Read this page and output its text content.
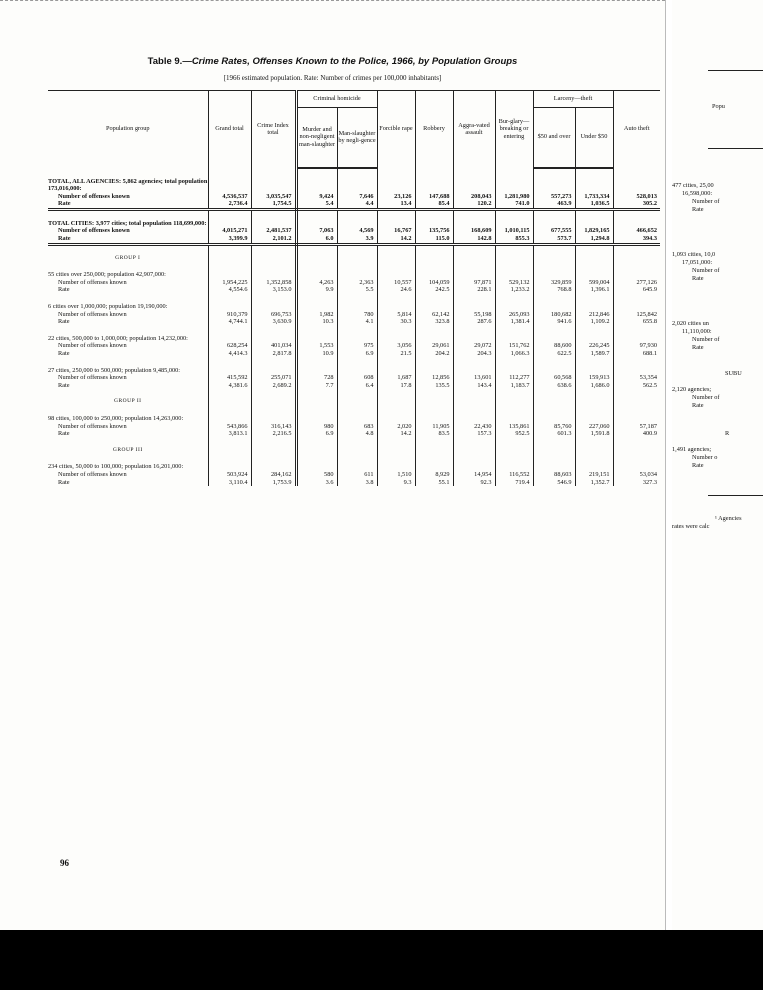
Table 9.—Crime Rates, Offenses Known to the Police, 1966, by Population Groups
[1966 estimated population. Rate: Number of crimes per 100,000 inhabitants]
Population group	Grand total	Crime Index total	Criminal homicide		Forcible rape	Robbery	Aggra-vated assault	Bur-glary—breaking or entering	Larceny—theft		Auto theft
			Murder and non-negligent man-slaughter	Man-slaughter by negli-gence					$50 and over	Under $50	

TOTAL, ALL AGENCIES: 5,862 agencies; total population 173,016,000:											
Number of offenses known	4,536,537	3,035,547	9,424	7,646	23,126	147,688	208,043	1,281,980	557,273	1,733,334	528,013
Rate	2,736.4	1,754.5	5.4	4.4	13.4	85.4	120.2	741.0	463.9	1,036.5	305.2

TOTAL CITIES: 3,977 cities; total population 118,699,000:											
Number of offenses known	4,015,271	2,481,537	7,063	4,569	16,767	135,756	168,609	1,010,115	677,555	1,829,165	466,652
Rate	3,399.9	2,101.2	6.0	3.9	14.2	115.0	142.8	855.3	573.7	1,294.8	394.3

GROUP I											

55 cities over 250,000; population 42,907,000:											
Number of offenses known	1,954,225	1,352,858	4,263	2,363	10,557	104,059	97,871	529,132	329,859	599,004	277,126
Rate	4,554.6	3,153.0	9.9	5.5	24.6	242.5	228.1	1,233.2	768.8	1,396.1	645.9

6 cities over 1,000,000; population 19,190,000:											
Number of offenses known	910,379	696,753	1,982	780	5,814	62,142	55,198	265,093	180,682	212,846	125,842
Rate	4,744.1	3,630.9	10.3	4.1	30.3	323.8	287.6	1,381.4	941.6	1,109.2	655.8

22 cities, 500,000 to 1,000,000; population 14,232,000:											
Number of offenses known	628,254	401,034	1,553	975	3,056	29,061	29,072	151,762	88,600	226,245	97,930
Rate	4,414.3	2,817.8	10.9	6.9	21.5	204.2	204.3	1,066.3	622.5	1,589.7	688.1

27 cities, 250,000 to 500,000; population 9,485,000:											
Number of offenses known	415,592	255,071	728	608	1,687	12,856	13,601	112,277	60,568	159,913	53,354
Rate	4,381.6	2,689.2	7.7	6.4	17.8	135.5	143.4	1,183.7	638.6	1,686.0	562.5

GROUP II											

98 cities, 100,000 to 250,000; population 14,263,000:											
Number of offenses known	543,866	316,143	980	683	2,020	11,905	22,430	135,861	85,760	227,060	57,187
Rate	3,813.1	2,216.5	6.9	4.8	14.2	83.5	157.3	952.5	601.3	1,591.8	400.9

GROUP III											

234 cities, 50,000 to 100,000; population 16,201,000:											
Number of offenses known	503,924	284,162	580	611	1,510	8,929	14,954	116,552	88,603	219,151	53,034
Rate	3,110.4	1,753.9	3.6	3.8	9.3	55.1	92.3	719.4	546.9	1,352.7	327.3
96
Popu
477 cities, 25,00
16,598,000:
Number of
Rate
1,093 cities, 10,0
17,051,000:
Number of
Rate
2,020 cities un
11,110,000:
Number of
Rate
SUBU
2,120 agencies;
Number of
Rate
R
1,491 agencies;
Number o
Rate
¹ Agencies
rates were calc
